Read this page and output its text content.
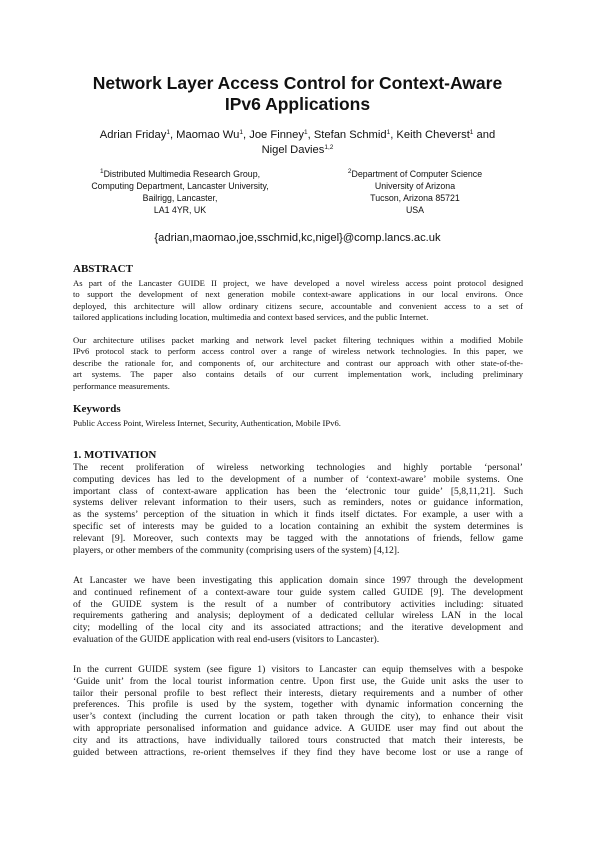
Network Layer Access Control for Context-Aware
IPv6 Applications
Adrian Friday$^1$, Maomao Wu$^1$, Joe Finney$^1$, Stefan Schmid$^1$, Keith Cheverst$^1$ and
Nigel Davies$^{1,2}$
$^1$Distributed Multimedia Research Group,
Computing Department, Lancaster University,
Bailrigg, Lancaster,
LA1 4YR, UK
$^2$Department of Computer Science
University of Arizona
Tucson, Arizona 85721
USA
{adrian,maomao,joe,sschmid,kc,nigel}@comp.lancs.ac.uk
ABSTRACT

As part of the Lancaster GUIDE II project, we have developed a novel wireless access point protocol designed
to support the development of next generation mobile context-aware applications in our local environs. Once
deployed, this architecture will allow ordinary citizens secure, accountable and convenient access to a set of
tailored applications including location, multimedia and context based services, and the public Internet.

Our architecture utilises packet marking and network level packet filtering techniques within a modified Mobile
IPv6 protocol stack to perform access control over a range of wireless network technologies. In this paper, we
describe the rationale for, and components of, our architecture and contrast our approach with other state-of-the-
art systems. The paper also contains details of our current implementation work, including preliminary
performance measurements.

Keywords

Public Access Point, Wireless Internet, Security, Authentication, Mobile IPv6.

1. MOTIVATION

The recent proliferation of wireless networking technologies and highly portable ‘personal’
computing devices has led to the development of a number of ‘context-aware’ mobile systems. One
important class of context-aware application has been the ‘electronic tour guide’ [5,8,11,21]. Such
systems deliver relevant information to their users, such as reminders, notes or guidance information,
as the systems’ perception of the situation in which it finds itself dictates. For example, a user with a
specific set of interests may be guided to a location containing an exhibit the system determines is
relevant [9]. Moreover, such contexts may be tagged with the annotations of friends, fellow game
players, or other members of the community (comprising users of the system) [4,12].

At Lancaster we have been investigating this application domain since 1997 through the development
and continued refinement of a context-aware tour guide system called GUIDE [9]. The development
of the GUIDE system is the result of a number of contributory activities including: situated
requirements gathering and analysis; deployment of a dedicated cellular wireless LAN in the local
city; modelling of the local city and its associated attractions; and the iterative development and
evaluation of the GUIDE application with real end-users (visitors to Lancaster).

In the current GUIDE system (see figure 1) visitors to Lancaster can equip themselves with a bespoke
‘Guide unit’ from the local tourist information centre. Upon first use, the Guide unit asks the user to
tailor their personal profile to best reflect their interests, dietary requirements and a number of other
preferences. This profile is used by the system, together with dynamic information concerning the
user’s context (including the current location or path taken through the city), to enhance their visit
with appropriate personalised information and guidance advice. A GUIDE user may find out about the
city and its attractions, have individually tailored tours constructed that match their interests, be
guided between attractions, re-orient themselves if they find they have become lost or use a range of
